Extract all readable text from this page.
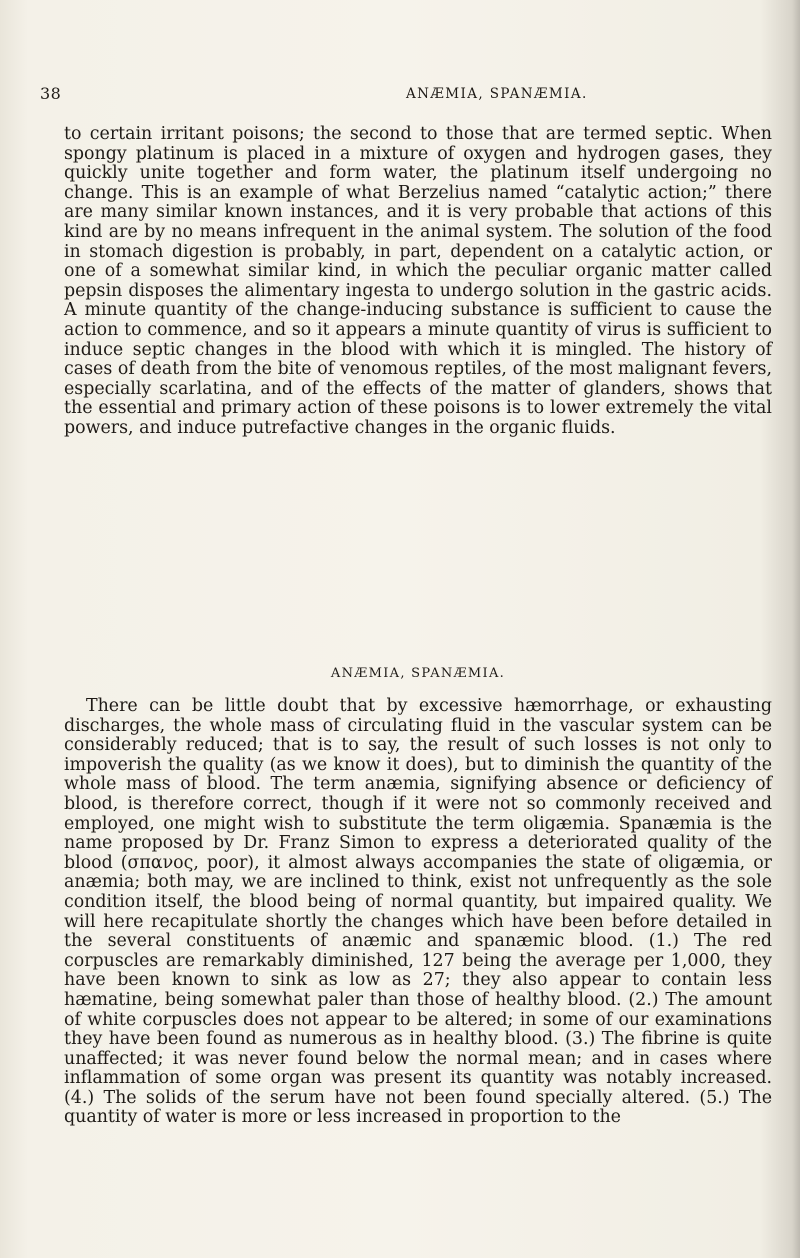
38	ANÆMIA, SPANÆMIA.
to certain irritant poisons; the second to those that are termed septic. When spongy platinum is placed in a mixture of oxygen and hydrogen gases, they quickly unite together and form water, the platinum itself undergoing no change. This is an example of what Berzelius named “catalytic action;” there are many similar known instances, and it is very probable that actions of this kind are by no means infrequent in the animal system. The solution of the food in stomach digestion is probably, in part, dependent on a catalytic action, or one of a somewhat similar kind, in which the peculiar organic matter called pepsin disposes the alimentary ingesta to undergo solution in the gastric acids. A minute quantity of the change-inducing substance is sufficient to cause the action to commence, and so it appears a minute quantity of virus is sufficient to induce septic changes in the blood with which it is mingled. The history of cases of death from the bite of venomous reptiles, of the most malignant fevers, especially scarlatina, and of the effects of the matter of glanders, shows that the essential and primary action of these poisons is to lower extremely the vital powers, and induce putrefactive changes in the organic fluids.
ANÆMIA, SPANÆMIA.
There can be little doubt that by excessive hæmorrhage, or exhausting discharges, the whole mass of circulating fluid in the vascular system can be considerably reduced; that is to say, the result of such losses is not only to impoverish the quality (as we know it does), but to diminish the quantity of the whole mass of blood. The term anæmia, signifying absence or deficiency of blood, is therefore correct, though if it were not so commonly received and employed, one might wish to substitute the term oligæmia. Spanæmia is the name proposed by Dr. Franz Simon to express a deteriorated quality of the blood (σπανος, poor), it almost always accompanies the state of oligæmia, or anæmia; both may, we are inclined to think, exist not unfrequently as the sole condition itself, the blood being of normal quantity, but impaired quality. We will here recapitulate shortly the changes which have been before detailed in the several constituents of anæmic and spanæmic blood. (1.) The red corpuscles are remarkably diminished, 127 being the average per 1,000, they have been known to sink as low as 27; they also appear to contain less hæmatine, being somewhat paler than those of healthy blood. (2.) The amount of white corpuscles does not appear to be altered; in some of our examinations they have been found as numerous as in healthy blood. (3.) The fibrine is quite unaffected; it was never found below the normal mean; and in cases where inflammation of some organ was present its quantity was notably increased. (4.) The solids of the serum have not been found specially altered. (5.) The quantity of water is more or less increased in proportion to the
